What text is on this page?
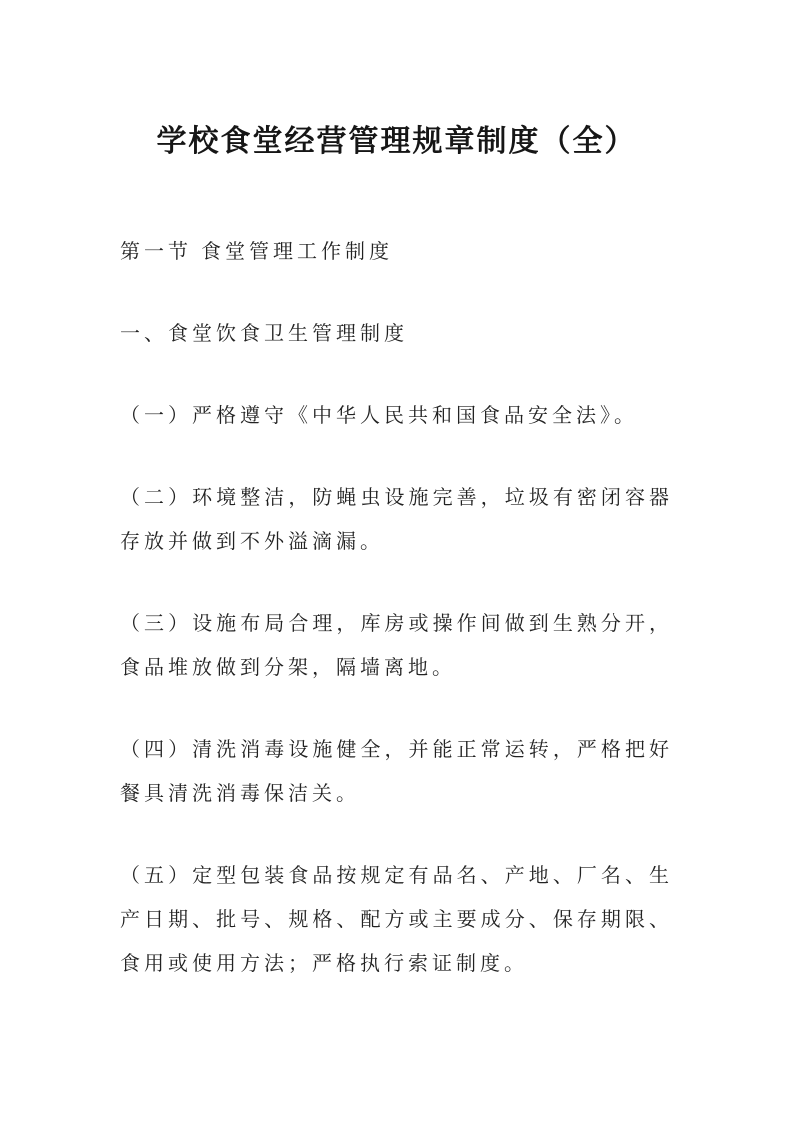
学校食堂经营管理规章制度（全）

第一节 食堂管理工作制度

一、食堂饮食卫生管理制度

（一）严格遵守《中华人民共和国食品安全法》。

（二）环境整洁，防蝇虫设施完善，垃圾有密闭容器存放并做到不外溢滴漏。

（三）设施布局合理，库房或操作间做到生熟分开，食品堆放做到分架，隔墙离地。

（四）清洗消毒设施健全，并能正常运转，严格把好餐具清洗消毒保洁关。

（五）定型包装食品按规定有品名、产地、厂名、生产日期、批号、规格、配方或主要成分、保存期限、食用或使用方法；严格执行索证制度。
